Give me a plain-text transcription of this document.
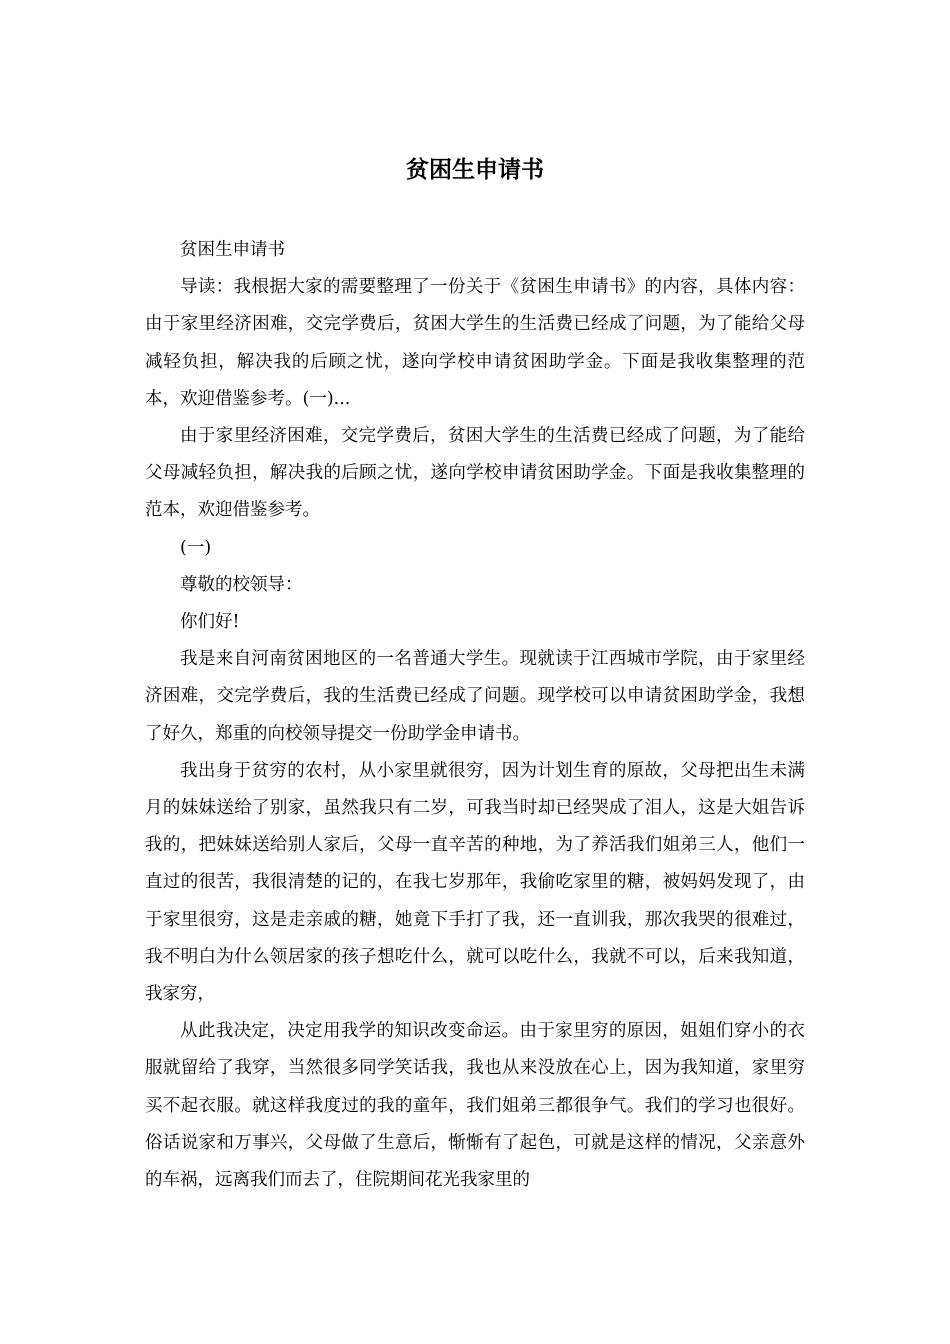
贫困生申请书

贫困生申请书

导读：我根据大家的需要整理了一份关于《贫困生申请书》的内容，具体内容：由于家里经济困难，交完学费后，贫困大学生的生活费已经成了问题，为了能给父母减轻负担，解决我的后顾之忧，遂向学校申请贫困助学金。下面是我收集整理的范本，欢迎借鉴参考。(一)...

由于家里经济困难，交完学费后，贫困大学生的生活费已经成了问题，为了能给父母减轻负担，解决我的后顾之忧，遂向学校申请贫困助学金。下面是我收集整理的范本，欢迎借鉴参考。

(一)

尊敬的校领导：

你们好!

我是来自河南贫困地区的一名普通大学生。现就读于江西城市学院，由于家里经济困难，交完学费后，我的生活费已经成了问题。现学校可以申请贫困助学金，我想了好久，郑重的向校领导提交一份助学金申请书。

我出身于贫穷的农村，从小家里就很穷，因为计划生育的原故，父母把出生未满月的妹妹送给了别家，虽然我只有二岁，可我当时却已经哭成了泪人，这是大姐告诉我的，把妹妹送给别人家后，父母一直辛苦的种地，为了养活我们姐弟三人，他们一直过的很苦，我很清楚的记的，在我七岁那年，我偷吃家里的糖，被妈妈发现了，由于家里很穷，这是走亲戚的糖，她竟下手打了我，还一直训我，那次我哭的很难过，我不明白为什么领居家的孩子想吃什么，就可以吃什么，我就不可以，后来我知道，我家穷，

从此我决定，决定用我学的知识改变命运。由于家里穷的原因，姐姐们穿小的衣服就留给了我穿，当然很多同学笑话我，我也从来没放在心上，因为我知道，家里穷买不起衣服。就这样我度过的我的童年，我们姐弟三都很争气。我们的学习也很好。俗话说家和万事兴，父母做了生意后，惭惭有了起色，可就是这样的情况，父亲意外的车祸，远离我们而去了，住院期间花光我家里的
